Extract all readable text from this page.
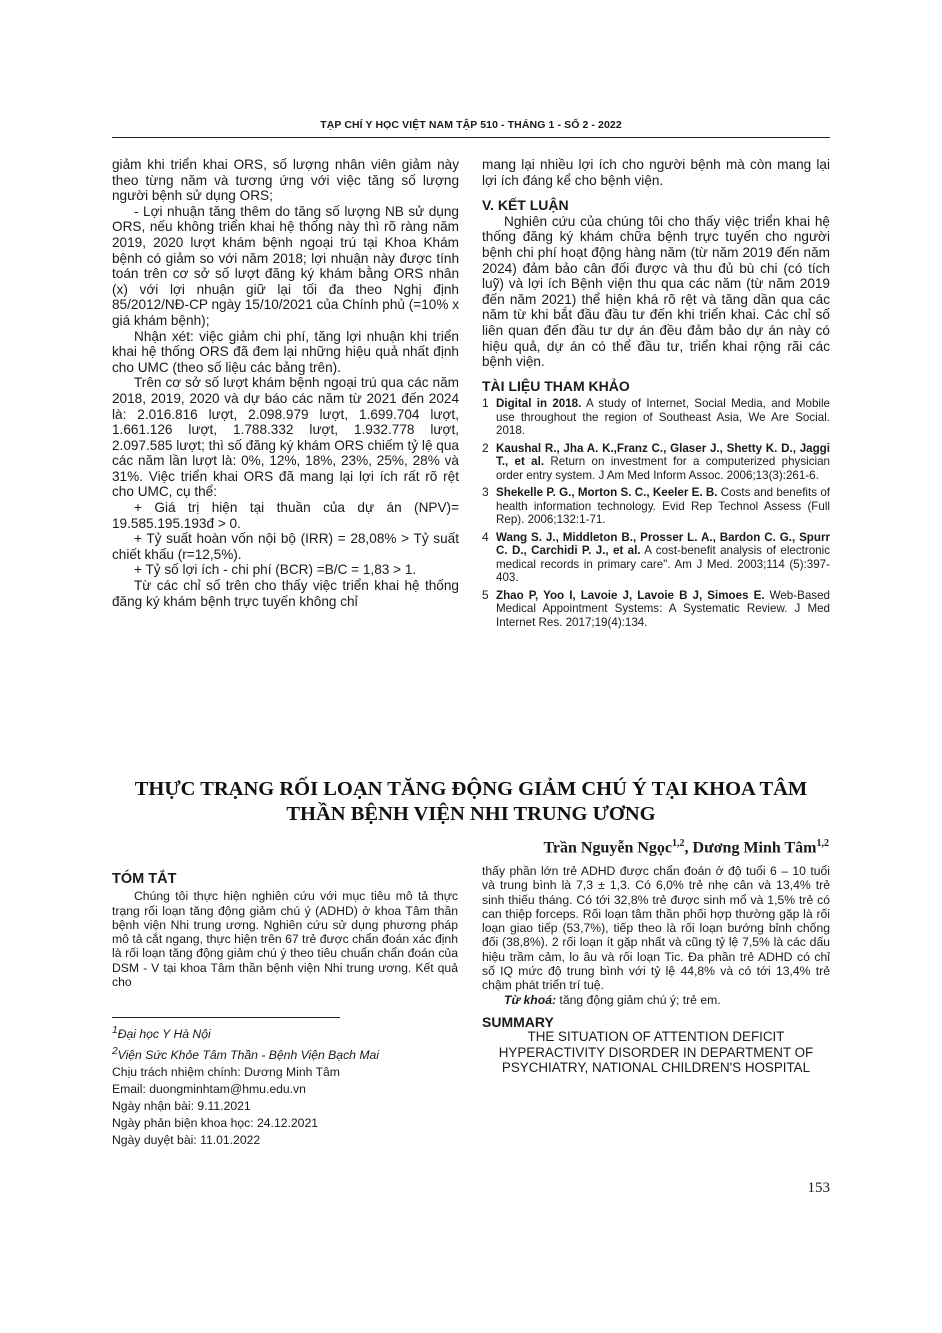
TẠP CHÍ Y HỌC VIỆT NAM TẬP 510 - THÁNG 1 - SỐ 2 - 2022

giảm khi triển khai ORS, số lượng nhân viên giảm này theo từng năm và tương ứng với việc tăng số lượng người bệnh sử dụng ORS;

- Lợi nhuận tăng thêm do tăng số lượng NB sử dụng ORS, nếu không triển khai hệ thống này thì rõ ràng năm 2019, 2020 lượt khám bệnh ngoại trú tại Khoa Khám bệnh có giảm so với năm 2018; lợi nhuận này được tính toán trên cơ sở số lượt đăng ký khám bằng ORS nhân (x) với lợi nhuận giữ lại tối đa theo Nghị định 85/2012/NĐ-CP ngày 15/10/2021 của Chính phủ (=10% x giá khám bệnh);

Nhận xét: việc giảm chi phí, tăng lợi nhuận khi triển khai hệ thống ORS đã đem lại những hiệu quả nhất định cho UMC (theo số liệu các bảng trên).

Trên cơ sở số lượt khám bệnh ngoại trú qua các năm 2018, 2019, 2020 và dự báo các năm từ 2021 đến 2024 là: 2.016.816 lượt, 2.098.979 lượt, 1.699.704 lượt, 1.661.126 lượt, 1.788.332 lượt, 1.932.778 lượt, 2.097.585 lượt; thì số đăng ký khám ORS chiếm tỷ lệ qua các năm lần lượt là: 0%, 12%, 18%, 23%, 25%, 28% và 31%. Việc triển khai ORS đã mang lại lợi ích rất rõ rệt cho UMC, cụ thể:

+ Giá trị hiện tại thuần của dự án (NPV)= 19.585.195.193đ > 0.

+ Tỷ suất hoàn vốn nội bộ (IRR) = 28,08% > Tỷ suất chiết khấu (r=12,5%).

+ Tỷ số lợi ích - chi phí (BCR) =B/C = 1,83 > 1.

Từ các chỉ số trên cho thấy việc triển khai hệ thống đăng ký khám bệnh trực tuyến không chỉ

mang lại nhiều lợi ích cho người bệnh mà còn mang lại lợi ích đáng kể cho bệnh viện.

V. KẾT LUẬN

Nghiên cứu của chúng tôi cho thấy việc triển khai hệ thống đăng ký khám chữa bệnh trực tuyến cho người bệnh chi phí hoạt động hàng năm (từ năm 2019 đến năm 2024) đảm bảo cân đối được và thu đủ bù chi (có tích luỹ) và lợi ích Bệnh viện thu qua các năm (từ năm 2019 đến năm 2021) thể hiện khá rõ rệt và tăng dần qua các năm từ khi bắt đầu đầu tư đến khi triển khai. Các chỉ số liên quan đến đầu tư dự án đều đảm bảo dự án này có hiệu quả, dự án có thể đầu tư, triển khai rộng rãi các bệnh viện.

TÀI LIỆU THAM KHẢO

1 Digital in 2018. A study of Internet, Social Media, and Mobile use throughout the region of Southeast Asia, We Are Social. 2018.
2 Kaushal R., Jha A. K.,Franz C., Glaser J., Shetty K. D., Jaggi T., et al. Return on investment for a computerized physician order entry system. J Am Med Inform Assoc. 2006;13(3):261-6.
3 Shekelle P. G., Morton S. C., Keeler E. B. Costs and benefits of health information technology. Evid Rep Technol Assess (Full Rep). 2006;132:1-71.
4 Wang S. J., Middleton B., Prosser L. A., Bardon C. G., Spurr C. D., Carchidi P. J., et al. A cost-benefit analysis of electronic medical records in primary care". Am J Med. 2003;114 (5):397-403.
5 Zhao P, Yoo I, Lavoie J, Lavoie B J, Simoes E. Web-Based Medical Appointment Systems: A Systematic Review. J Med Internet Res. 2017;19(4):134.
THỰC TRẠNG RỐI LOẠN TĂNG ĐỘNG GIẢM CHÚ Ý TẠI KHOA TÂM
THẦN BỆNH VIỆN NHI TRUNG ƯƠNG
Trần Nguyễn Ngọc$^{1,2}$, Dương Minh Tâm$^{1,2}$

TÓM TẮT

Chúng tôi thực hiện nghiên cứu với mục tiêu mô tả thực trạng rối loạn tăng động giảm chú ý (ADHD) ở khoa Tâm thần bệnh viện Nhi trung ương. Nghiên cứu sử dụng phương pháp mô tả cắt ngang, thực hiện trên 67 trẻ được chẩn đoán xác định là rối loạn tăng động giảm chú ý theo tiêu chuẩn chẩn đoán của DSM - V tại khoa Tâm thần bệnh viện Nhi trung ương. Kết quả cho

$^1$Đại học Y Hà Nội

$^2$Viện Sức Khỏe Tâm Thần - Bệnh Viện Bạch Mai

Chịu trách nhiệm chính: Dương Minh Tâm

Email: duongminhtam@hmu.edu.vn

Ngày nhận bài: 9.11.2021

Ngày phản biện khoa học: 24.12.2021

Ngày duyệt bài: 11.01.2022

thấy phần lớn trẻ ADHD được chẩn đoán ở độ tuổi 6 – 10 tuổi và trung bình là 7,3 ± 1,3. Có 6,0% trẻ nhẹ cân và 13,4% trẻ sinh thiếu tháng. Có tới 32,8% trẻ được sinh mổ và 1,5% trẻ có can thiệp forceps. Rối loạn tâm thần phối hợp thường gặp là rối loạn giao tiếp (53,7%), tiếp theo là rối loạn bướng bỉnh chống đối (38,8%). 2 rối loạn ít gặp nhất và cũng tỷ lệ 7,5% là các dấu hiệu trầm cảm, lo âu và rối loạn Tic. Đa phần trẻ ADHD có chỉ số IQ mức độ trung bình với tỷ lệ 44,8% và có tới 13,4% trẻ chậm phát triển trí tuệ.

Từ khoá: tăng động giảm chú ý; trẻ em.

SUMMARY

THE SITUATION OF ATTENTION DEFICIT HYPERACTIVITY DISORDER IN DEPARTMENT OF PSYCHIATRY, NATIONAL CHILDREN'S HOSPITAL

153
